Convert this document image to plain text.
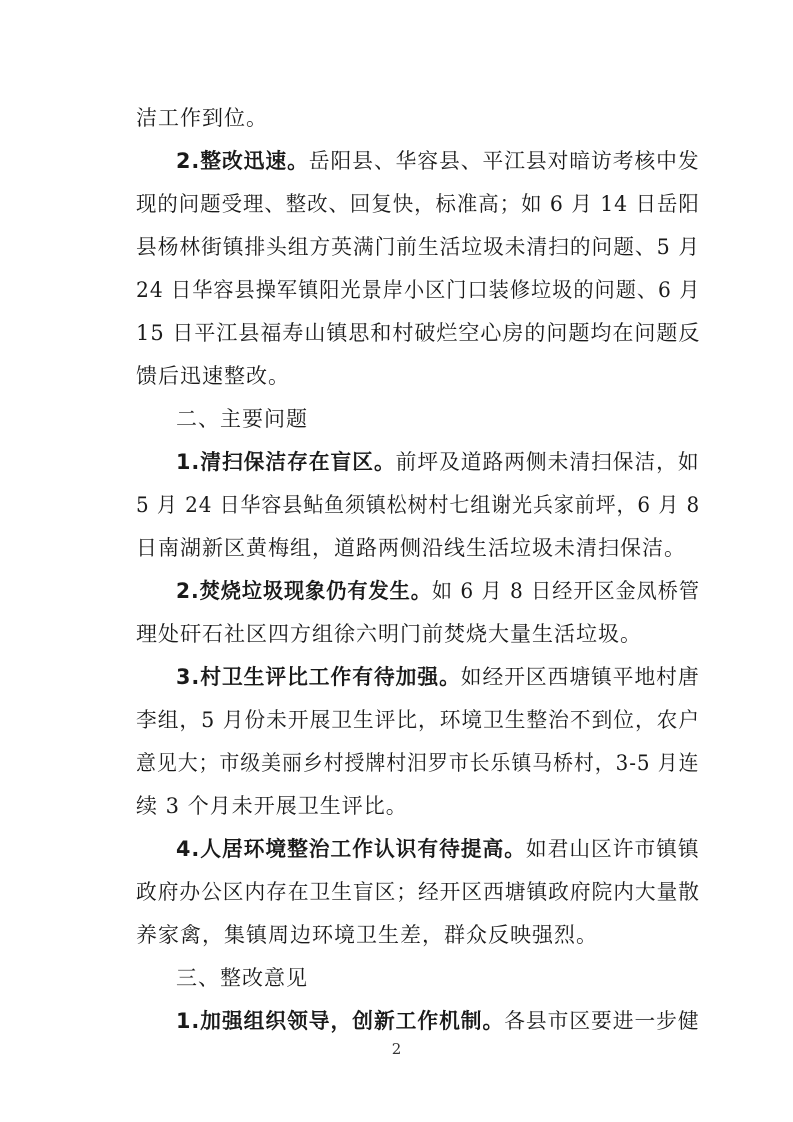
洁工作到位。
2.整改迅速。岳阳县、华容县、平江县对暗访考核中发
现的问题受理、整改、回复快，标准高；如 6 月 14 日岳阳
县杨林街镇排头组方英满门前生活垃圾未清扫的问题、5 月
24 日华容县操军镇阳光景岸小区门口装修垃圾的问题、6 月
15 日平江县福寿山镇思和村破烂空心房的问题均在问题反
馈后迅速整改。
二、主要问题
1.清扫保洁存在盲区。前坪及道路两侧未清扫保洁，如
5 月 24 日华容县鲇鱼须镇松树村七组谢光兵家前坪，6 月 8
日南湖新区黄梅组，道路两侧沿线生活垃圾未清扫保洁。
2.焚烧垃圾现象仍有发生。如 6 月 8 日经开区金凤桥管
理处矸石社区四方组徐六明门前焚烧大量生活垃圾。
3.村卫生评比工作有待加强。如经开区西塘镇平地村唐
李组，5 月份未开展卫生评比，环境卫生整治不到位，农户
意见大；市级美丽乡村授牌村汨罗市长乐镇马桥村，3-5 月连
续 3 个月未开展卫生评比。
4.人居环境整治工作认识有待提高。如君山区许市镇镇
政府办公区内存在卫生盲区；经开区西塘镇政府院内大量散
养家禽，集镇周边环境卫生差，群众反映强烈。
三、整改意见
1.加强组织领导，创新工作机制。各县市区要进一步健
2
